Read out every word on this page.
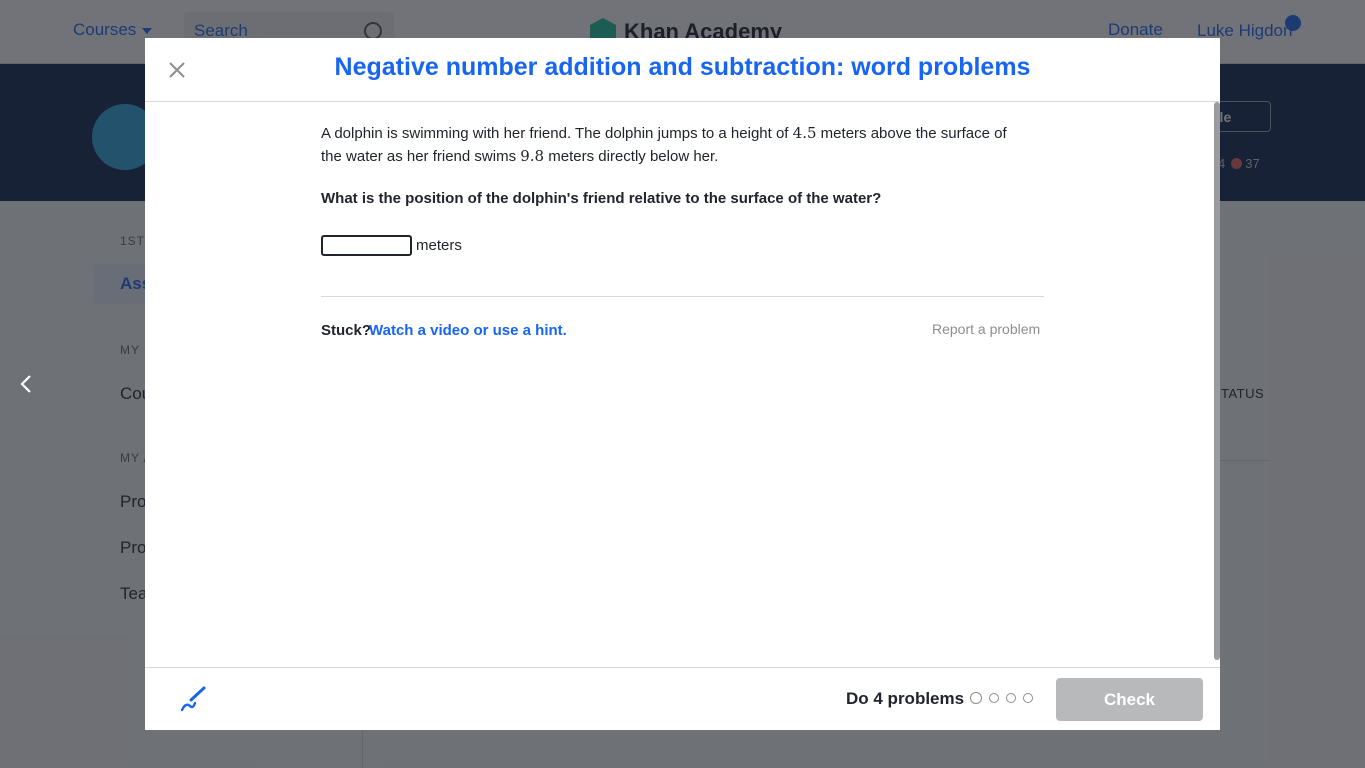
Negative number addition and subtraction: word problems
A dolphin is swimming with her friend. The dolphin jumps to a height of 4.5 meters above the surface of the water as her friend swims 9.8 meters directly below her.
What is the position of the dolphin's friend relative to the surface of the water?
meters
Stuck?
Watch a video or use a hint.	Report a problem
Do 4 problems	Check
